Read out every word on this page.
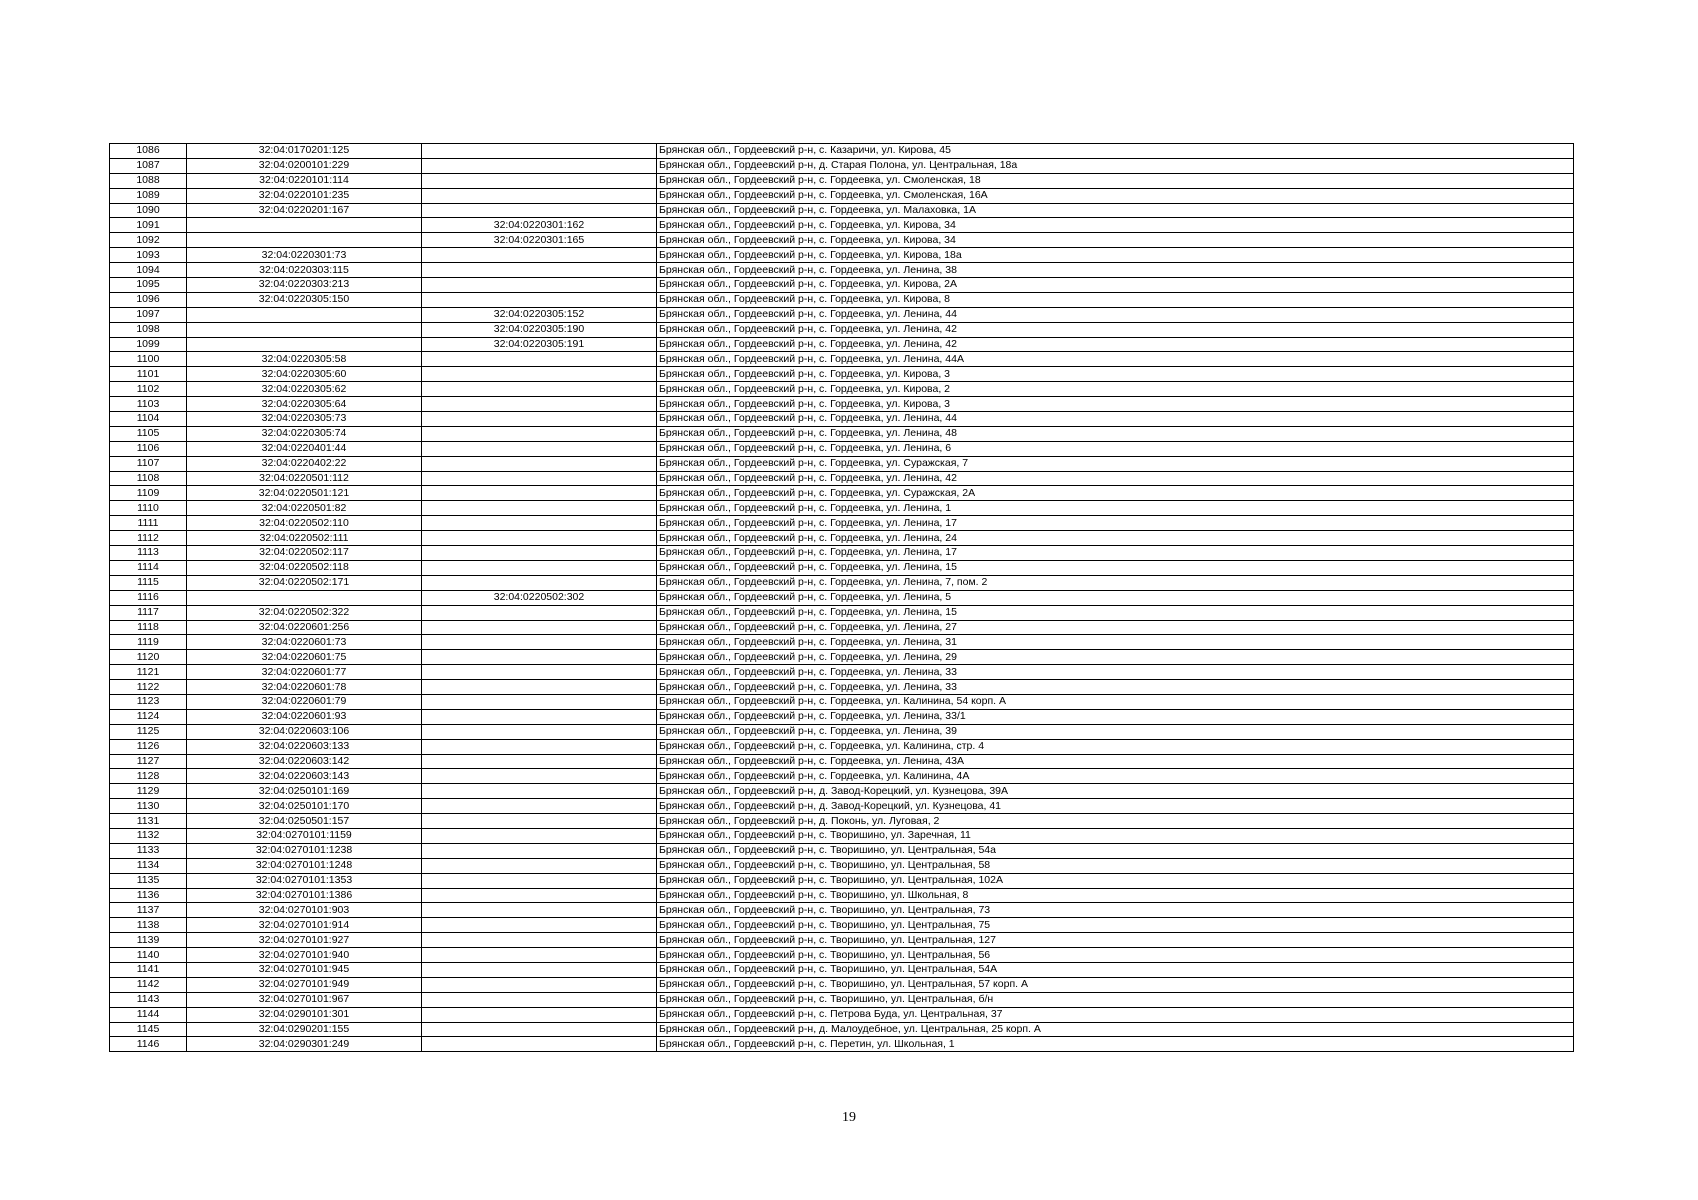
1086	32:04:0170201:125		Брянская обл., Гордеевский р-н, с. Казаричи, ул. Кирова, 45
1087	32:04:0200101:229		Брянская обл., Гордеевский р-н, д. Старая Полона, ул. Центральная, 18а
1088	32:04:0220101:114		Брянская обл., Гордеевский р-н, с. Гордеевка, ул. Смоленская, 18
1089	32:04:0220101:235		Брянская обл., Гордеевский р-н, с. Гордеевка, ул. Смоленская, 16А
1090	32:04:0220201:167		Брянская обл., Гордеевский р-н, с. Гордеевка, ул. Малаховка, 1А
1091		32:04:0220301:162	Брянская обл., Гордеевский р-н, с. Гордеевка, ул. Кирова, 34
1092		32:04:0220301:165	Брянская обл., Гордеевский р-н, с. Гордеевка, ул. Кирова, 34
1093	32:04:0220301:73		Брянская обл., Гордеевский р-н, с. Гордеевка, ул. Кирова, 18а
1094	32:04:0220303:115		Брянская обл., Гордеевский р-н, с. Гордеевка, ул. Ленина, 38
1095	32:04:0220303:213		Брянская обл., Гордеевский р-н, с. Гордеевка, ул. Кирова, 2А
1096	32:04:0220305:150		Брянская обл., Гордеевский р-н, с. Гордеевка, ул. Кирова, 8
1097		32:04:0220305:152	Брянская обл., Гордеевский р-н, с. Гордеевка, ул. Ленина, 44
1098		32:04:0220305:190	Брянская обл., Гордеевский р-н, с. Гордеевка, ул. Ленина, 42
1099		32:04:0220305:191	Брянская обл., Гордеевский р-н, с. Гордеевка, ул. Ленина, 42
1100	32:04:0220305:58		Брянская обл., Гордеевский р-н, с. Гордеевка, ул. Ленина, 44А
1101	32:04:0220305:60		Брянская обл., Гордеевский р-н, с. Гордеевка, ул. Кирова, 3
1102	32:04:0220305:62		Брянская обл., Гордеевский р-н, с. Гордеевка, ул. Кирова, 2
1103	32:04:0220305:64		Брянская обл., Гордеевский р-н, с. Гордеевка, ул. Кирова, 3
1104	32:04:0220305:73		Брянская обл., Гордеевский р-н, с. Гордеевка, ул. Ленина, 44
1105	32:04:0220305:74		Брянская обл., Гордеевский р-н, с. Гордеевка, ул. Ленина, 48
1106	32:04:0220401:44		Брянская обл., Гордеевский р-н, с. Гордеевка, ул. Ленина, 6
1107	32:04:0220402:22		Брянская обл., Гордеевский р-н, с. Гордеевка, ул. Суражская, 7
1108	32:04:0220501:112		Брянская обл., Гордеевский р-н, с. Гордеевка, ул. Ленина, 42
1109	32:04:0220501:121		Брянская обл., Гордеевский р-н, с. Гордеевка, ул. Суражская, 2А
1110	32:04:0220501:82		Брянская обл., Гордеевский р-н, с. Гордеевка, ул. Ленина, 1
1111	32:04:0220502:110		Брянская обл., Гордеевский р-н, с. Гордеевка, ул. Ленина, 17
1112	32:04:0220502:111		Брянская обл., Гордеевский р-н, с. Гордеевка, ул. Ленина, 24
1113	32:04:0220502:117		Брянская обл., Гордеевский р-н, с. Гордеевка, ул. Ленина, 17
1114	32:04:0220502:118		Брянская обл., Гордеевский р-н, с. Гордеевка, ул. Ленина, 15
1115	32:04:0220502:171		Брянская обл., Гордеевский р-н, с. Гордеевка, ул. Ленина, 7, пом. 2
1116		32:04:0220502:302	Брянская обл., Гордеевский р-н, с. Гордеевка, ул. Ленина, 5
1117	32:04:0220502:322		Брянская обл., Гордеевский р-н, с. Гордеевка, ул. Ленина, 15
1118	32:04:0220601:256		Брянская обл., Гордеевский р-н, с. Гордеевка, ул. Ленина, 27
1119	32:04:0220601:73		Брянская обл., Гордеевский р-н, с. Гордеевка, ул. Ленина, 31
1120	32:04:0220601:75		Брянская обл., Гордеевский р-н, с. Гордеевка, ул. Ленина, 29
1121	32:04:0220601:77		Брянская обл., Гордеевский р-н, с. Гордеевка, ул. Ленина, 33
1122	32:04:0220601:78		Брянская обл., Гордеевский р-н, с. Гордеевка, ул. Ленина, 33
1123	32:04:0220601:79		Брянская обл., Гордеевский р-н, с. Гордеевка, ул. Калинина, 54 корп. А
1124	32:04:0220601:93		Брянская обл., Гордеевский р-н, с. Гордеевка, ул. Ленина, 33/1
1125	32:04:0220603:106		Брянская обл., Гордеевский р-н, с. Гордеевка, ул. Ленина, 39
1126	32:04:0220603:133		Брянская обл., Гордеевский р-н, с. Гордеевка, ул. Калинина, стр. 4
1127	32:04:0220603:142		Брянская обл., Гордеевский р-н, с. Гордеевка, ул. Ленина, 43А
1128	32:04:0220603:143		Брянская обл., Гордеевский р-н, с. Гордеевка, ул. Калинина, 4А
1129	32:04:0250101:169		Брянская обл., Гордеевский р-н, д. Завод-Корецкий, ул. Кузнецова, 39А
1130	32:04:0250101:170		Брянская обл., Гордеевский р-н, д. Завод-Корецкий, ул. Кузнецова, 41
1131	32:04:0250501:157		Брянская обл., Гордеевский р-н, д. Поконь, ул. Луговая, 2
1132	32:04:0270101:1159		Брянская обл., Гордеевский р-н, с. Творишино, ул. Заречная, 11
1133	32:04:0270101:1238		Брянская обл., Гордеевский р-н, с. Творишино, ул. Центральная, 54а
1134	32:04:0270101:1248		Брянская обл., Гордеевский р-н, с. Творишино, ул. Центральная, 58
1135	32:04:0270101:1353		Брянская обл., Гордеевский р-н, с. Творишино, ул. Центральная, 102А
1136	32:04:0270101:1386		Брянская обл., Гордеевский р-н, с. Творишино, ул. Школьная, 8
1137	32:04:0270101:903		Брянская обл., Гордеевский р-н, с. Творишино, ул. Центральная, 73
1138	32:04:0270101:914		Брянская обл., Гордеевский р-н, с. Творишино, ул. Центральная, 75
1139	32:04:0270101:927		Брянская обл., Гордеевский р-н, с. Творишино, ул. Центральная, 127
1140	32:04:0270101:940		Брянская обл., Гордеевский р-н, с. Творишино, ул. Центральная, 56
1141	32:04:0270101:945		Брянская обл., Гордеевский р-н, с. Творишино, ул. Центральная, 54А
1142	32:04:0270101:949		Брянская обл., Гордеевский р-н, с. Творишино, ул. Центральная, 57 корп. А
1143	32:04:0270101:967		Брянская обл., Гордеевский р-н, с. Творишино, ул. Центральная, б/н
1144	32:04:0290101:301		Брянская обл., Гордеевский р-н, с. Петрова Буда, ул. Центральная, 37
1145	32:04:0290201:155		Брянская обл., Гордеевский р-н, д. Малоудебное, ул. Центральная, 25 корп. А
1146	32:04:0290301:249		Брянская обл., Гордеевский р-н, с. Перетин, ул. Школьная, 1
19
